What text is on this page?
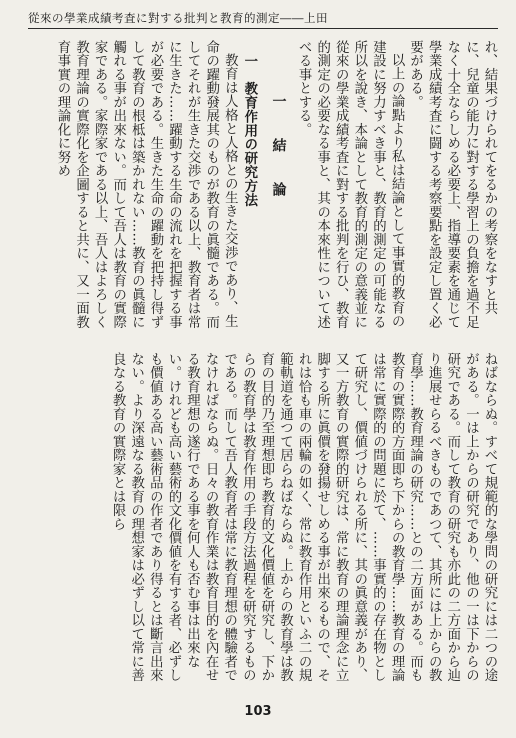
從來の學業成績考査に對する批判と教育的測定――上田

れ、結果づけられてをるかの考察をなすと共に、兒童の能力に對する學習上の負擔を過不足なく十全ならしめる必要上、指導要素を通じて學業成績考査に闘する考察要點を設定し置く必要がある。

以上の論點より私は結論として事實的教育の建設に努力すべき事と、教育的測定の可能なる所以を說き、本論として教育的測定の意義並に從來の學業成績考査に對する批判を行ひ、教育的測定の必要なる事と、其の本來性について述べる事とする。

一　結　論
一　教育作用の研究方法

教育は人格と人格との生きた交渉であり、生命の躍動發展其のものが教育の眞髓である。而してそれが生きた交渉である以上、教育者は常に生きた……躍動する生命の流れを把握する事が必要である。生きた生命の躍動を把持し得ずして教育の根柢は築かれない……教育の眞髓に觸れる事が出來ない。而して吾人は教育の實際家である。家際家である以上、吾人はよろしく教育理論の實際化を企圖すると共に、又一面教育事實の理論化に努め

ねばならぬ。すべて規範的な學問の研究には二つの途がある。一は上からの研究であり、他の一は下からの研究である。而して教育の研究も亦此の二方面から辿り進展せらるべきものであつて、其所には上からの教育學……教育理論の研究……との二方面がある。而も教育の實際的方面即ち下からの教育學……教育の理論は常に實際的の問題に於て、……事實的の存在物として研究し、價値づけられる所に、其の眞意義があり、又一方教育の實際的研究は、常に教育の理論理念に立脚する所に眞價を發揚せしめる事が出來るもので、それは恰も車の兩輪の如く、常に教育作用といふ二の規範軌道を通つて居らねばならぬ。上からの教育學は教育の目的乃至理想即ち教育的文化價値を研究し、下からの教育學は教育作用の手段方法過程を研究するものである。而して吾人教育者は常に教育理想の體驗者でなければならぬ。日々の教育作業は教育目的を內在せる教育理想の遂行である事を何人も否む事は出來ない。けれども高い藝術的文化價値を有する者、必ずしも價値ある高い藝術品の作者であり得るとは斷言出來ない。より深遠なる教育の理想家は必ずし以て常に善良なる教育の實際家とは限ら

103
